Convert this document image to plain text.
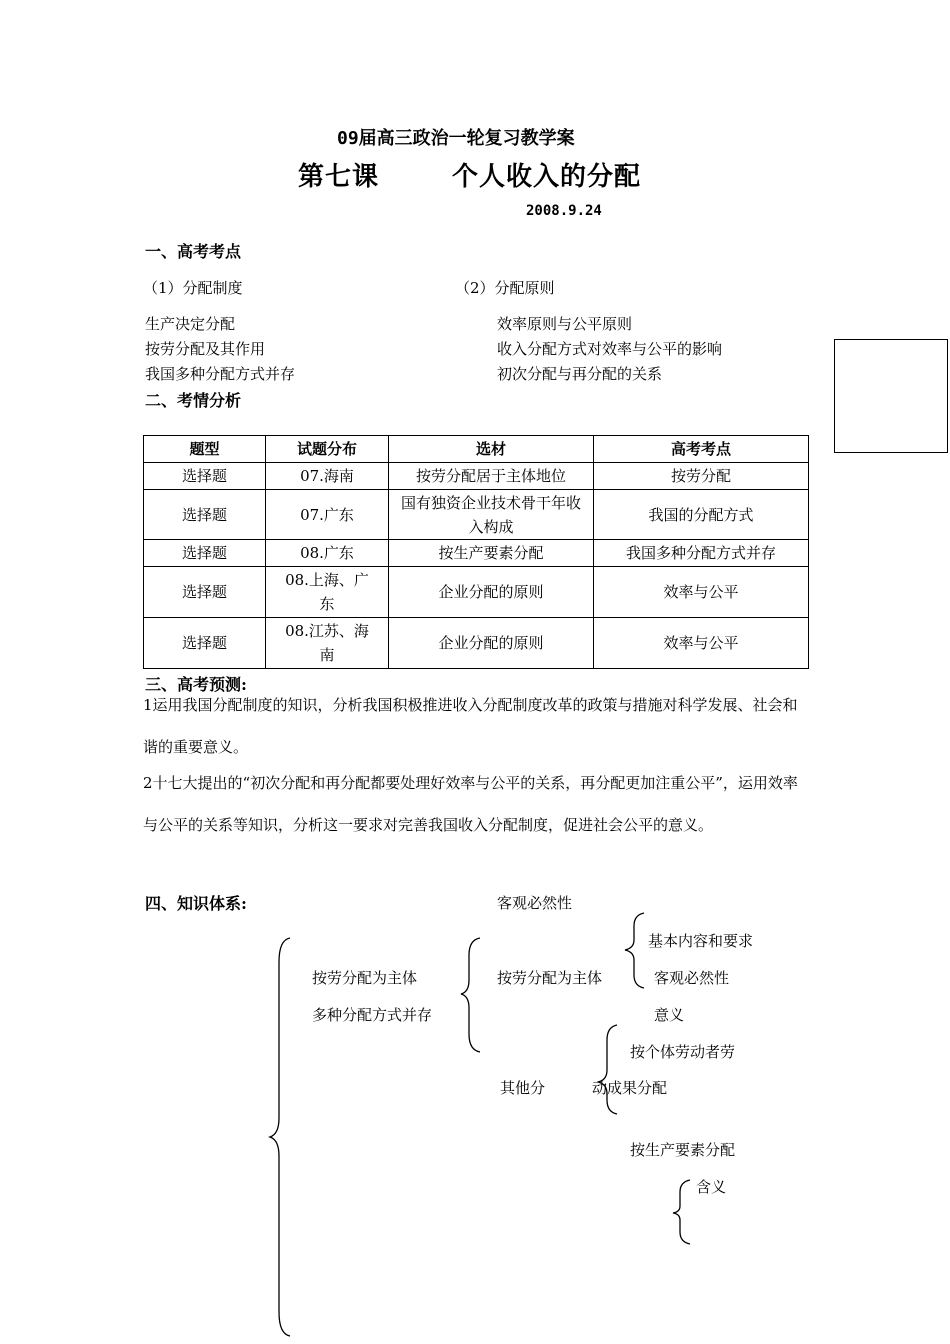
09届高三政治一轮复习教学案
第七课	个人收入的分配
2008.9.24
一、高考考点
（1）分配制度	（2）分配原则
生产决定分配
按劳分配及其作用
我国多种分配方式并存
效率原则与公平原则
收入分配方式对效率与公平的影响
初次分配与再分配的关系
二、考情分析
题型	试题分布	选材	高考考点
选择题	07.海南	按劳分配居于主体地位	按劳分配
选择题	07.广东	国有独资企业技术骨干年收入构成	我国的分配方式
选择题	08.广东	按生产要素分配	我国多种分配方式并存
选择题	08.上海、广东	企业分配的原则	效率与公平
选择题	08.江苏、海南	企业分配的原则	效率与公平
三、高考预测:
1运用我国分配制度的知识，分析我国积极推进收入分配制度改革的政策与措施对科学发展、社会和谐的重要意义。
2十七大提出的“初次分配和再分配都要处理好效率与公平的关系，再分配更加注重公平”，运用效率与公平的关系等知识，分析这一要求对完善我国收入分配制度，促进社会公平的意义。
四、知识体系:	客观必然性
基本内容和要求
按劳分配为主体	按劳分配为主体	客观必然性
多种分配方式并存	意义
按个体劳动者劳
其他分	动成果分配
按生产要素分配
含义
